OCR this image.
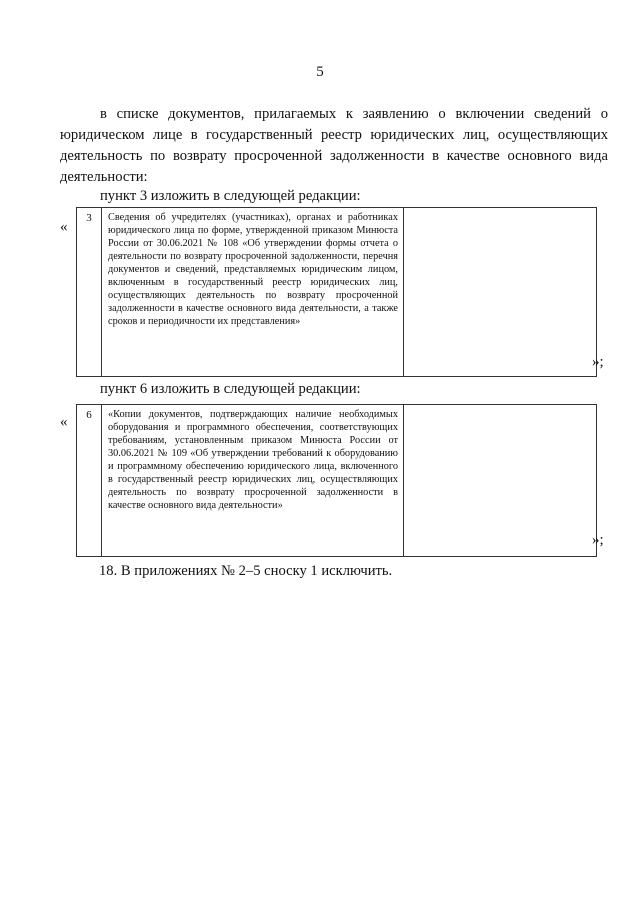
5
в списке документов, прилагаемых к заявлению о включении сведений о юридическом лице в государственный реестр юридических лиц, осуществляющих деятельность по возврату просроченной задолженности в качестве основного вида деятельности:
пункт 3 изложить в следующей редакции:
«
3	Сведения об учредителях (участниках), органах и работниках юридического лица по форме, утвержденной приказом Минюста России от 30.06.2021 № 108 «Об утверждении формы отчета о деятельности по возврату просроченной задолженности, перечня документов и сведений, представляемых юридическим лицом, включенным в государственный реестр юридических лиц, осуществляющих деятельность по возврату просроченной задолженности в качестве основного вида деятельности, а также сроков и периодичности их представления»	
»;
пункт 6 изложить в следующей редакции:
« 6	«Копии документов, подтверждающих наличие необходимых оборудования и программного обеспечения, соответствующих требованиям, установленным приказом Минюста России от 30.06.2021 № 109 «Об утверждении требований к оборудованию и программному обеспечению юридического лица, включенного в государственный реестр юридических лиц, осуществляющих деятельность по возврату просроченной задолженности в качестве основного вида деятельности»	
»;
18. В приложениях № 2–5 сноску 1 исключить.
